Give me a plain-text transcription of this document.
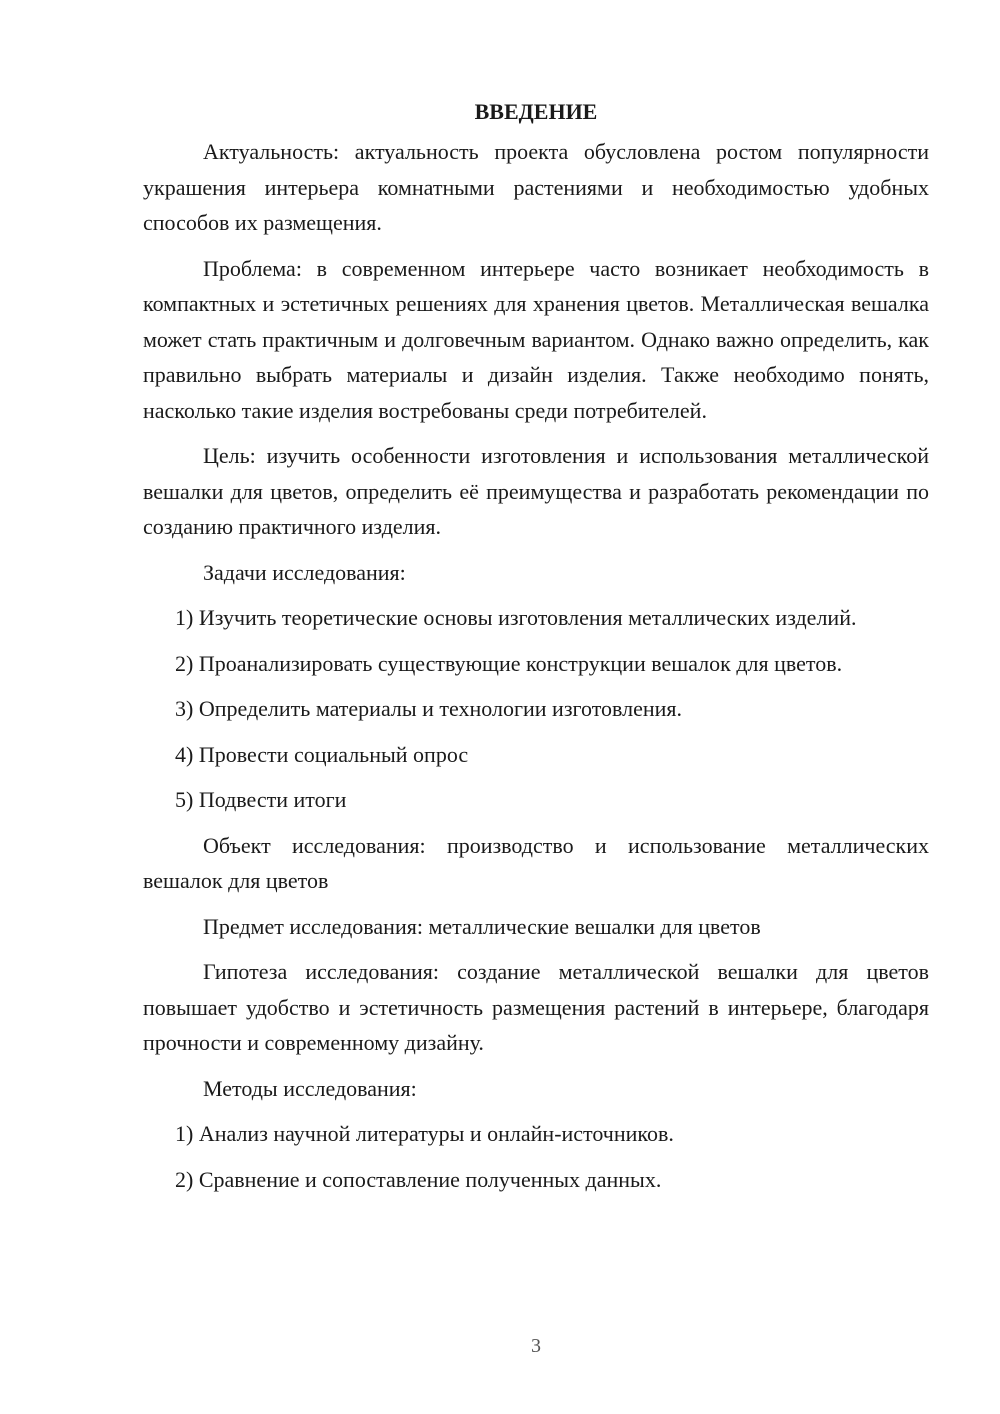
ВВЕДЕНИЕ

Актуальность: актуальность проекта обусловлена ростом популярности украшения интерьера комнатными растениями и необходимостью удобных способов их размещения.

Проблема: в современном интерьере часто возникает необходимость в компактных и эстетичных решениях для хранения цветов. Металлическая вешалка может стать практичным и долговечным вариантом. Однако важно определить, как правильно выбрать материалы и дизайн изделия. Также необходимо понять, насколько такие изделия востребованы среди потребителей.

Цель: изучить особенности изготовления и использования металлической вешалки для цветов, определить её преимущества и разработать рекомендации по созданию практичного изделия.

Задачи исследования:

1) Изучить теоретические основы изготовления металлических изделий.

2) Проанализировать существующие конструкции вешалок для цветов.

3) Определить материалы и технологии изготовления.

4) Провести социальный опрос

5) Подвести итоги

Объект исследования: производство и использование металлических вешалок для цветов

Предмет исследования: металлические вешалки для цветов

Гипотеза исследования: создание металлической вешалки для цветов повышает удобство и эстетичность размещения растений в интерьере, благодаря прочности и современному дизайну.

Методы исследования:

1) Анализ научной литературы и онлайн-источников.

2) Сравнение и сопоставление полученных данных.

3
